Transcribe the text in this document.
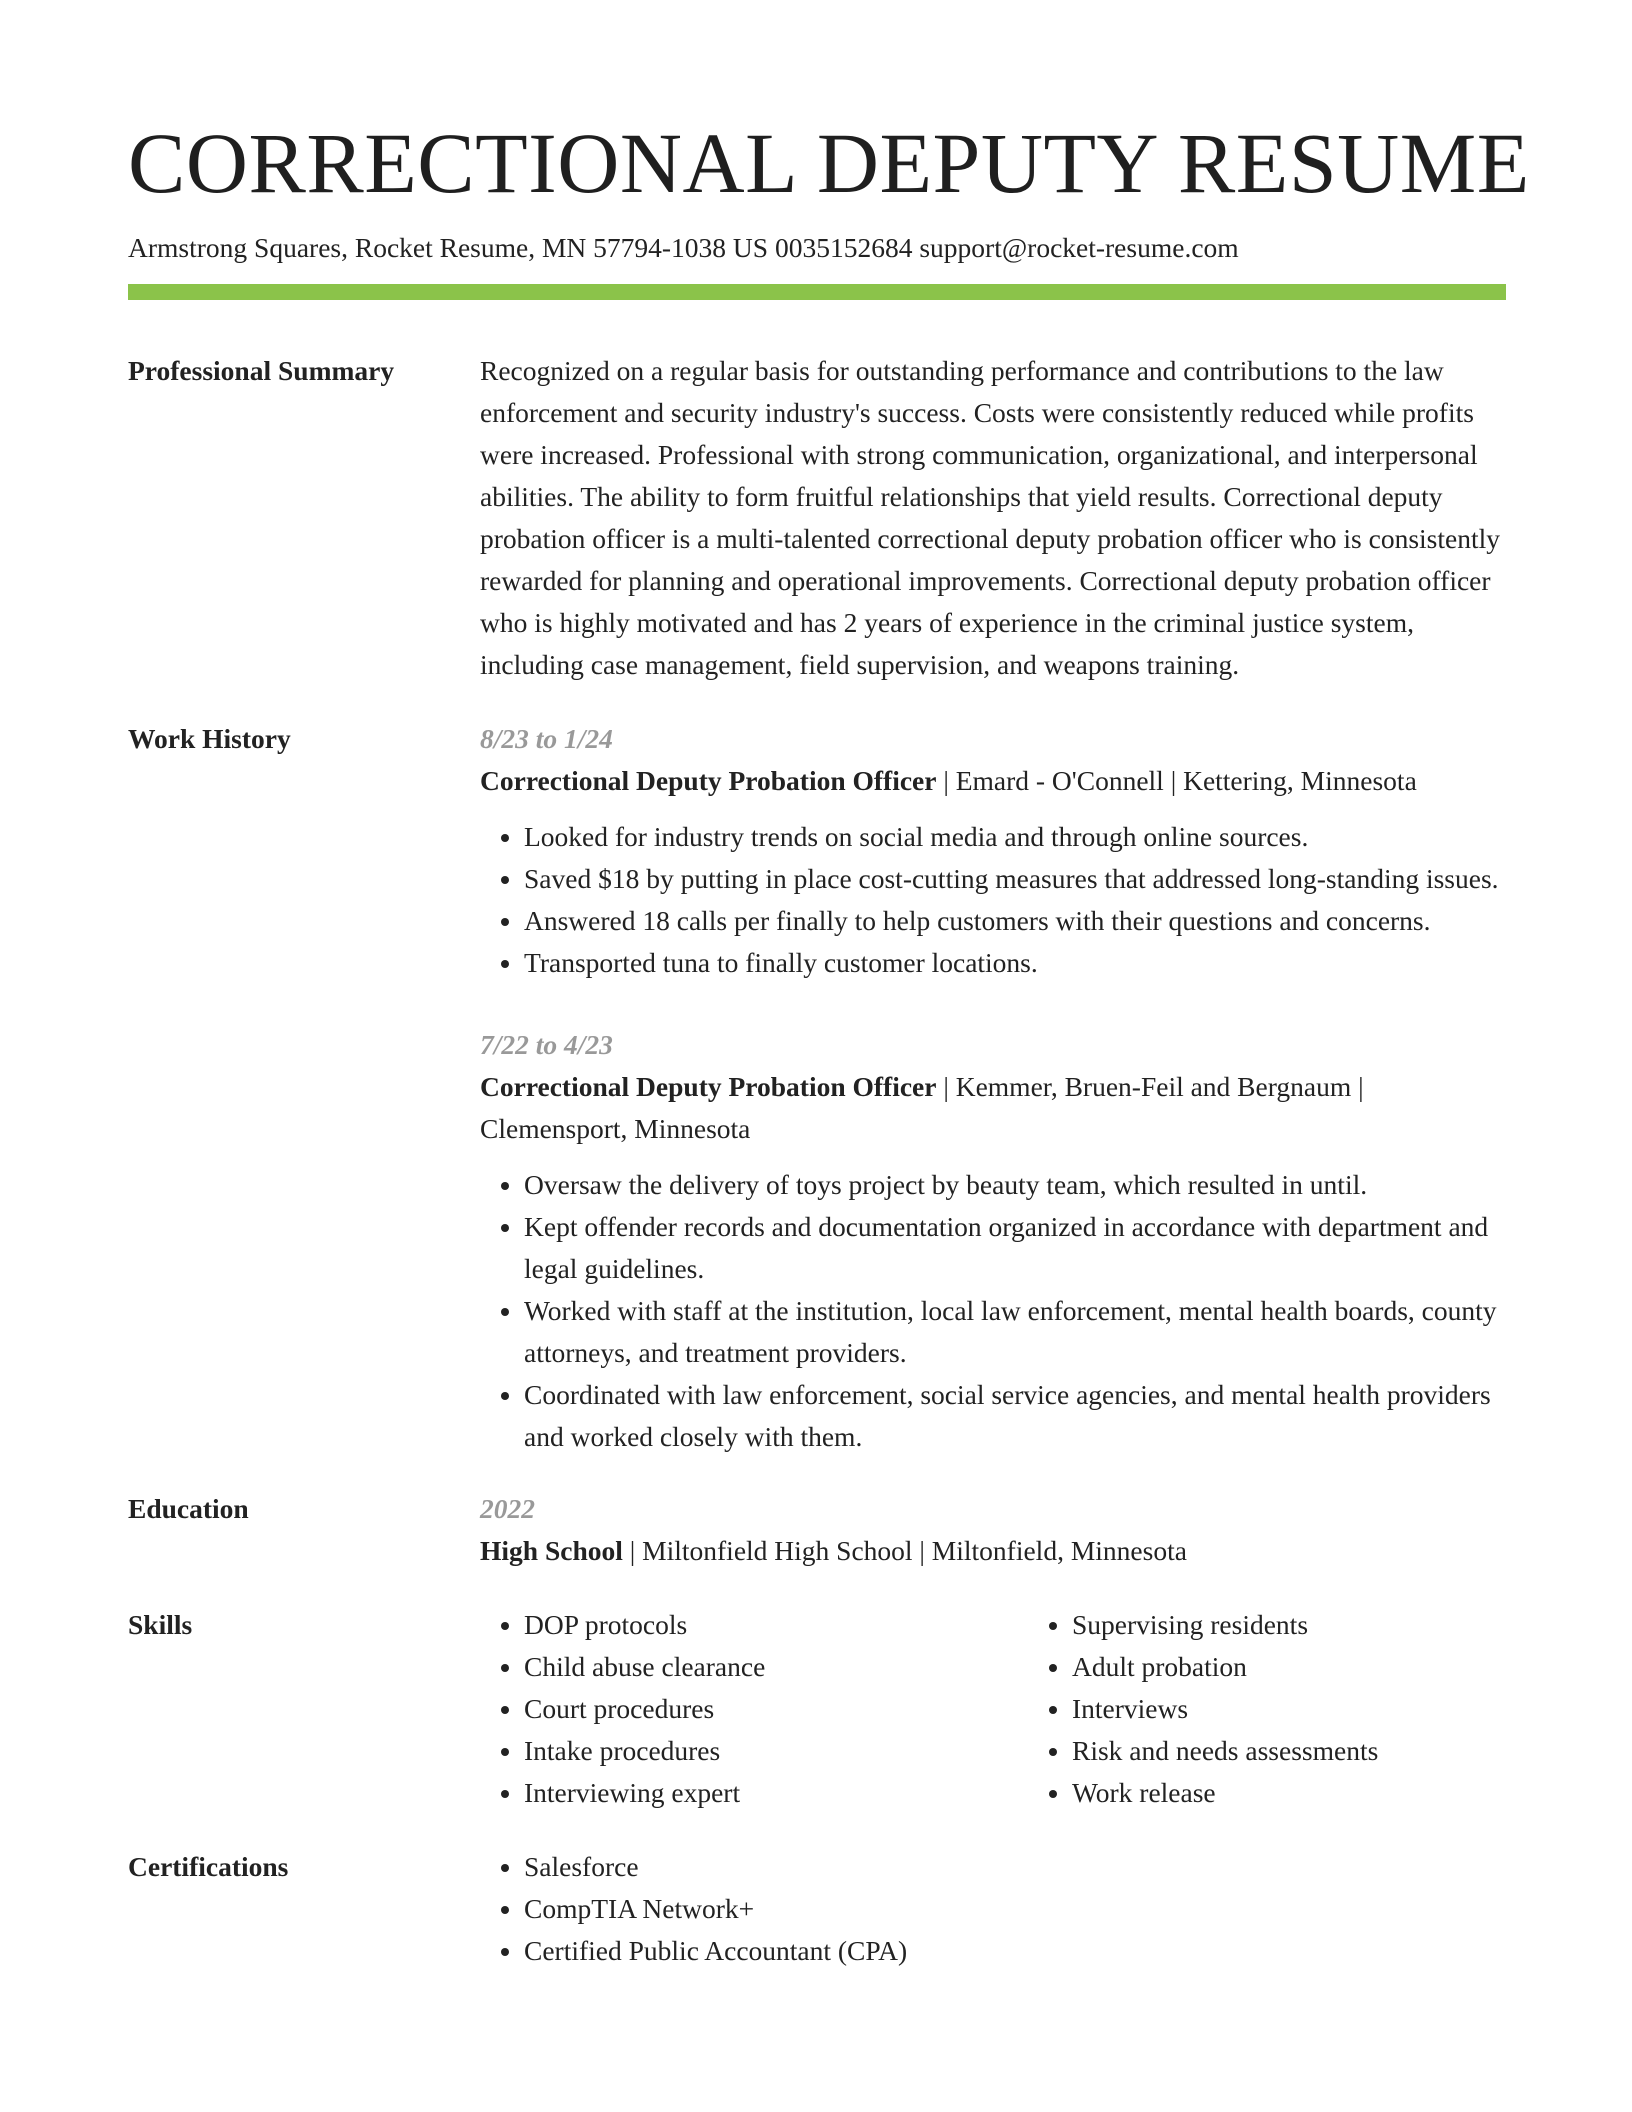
CORRECTIONAL DEPUTY RESUME
Armstrong Squares, Rocket Resume, MN 57794-1038 US 0035152684 support@rocket-resume.com
Professional Summary	Recognized on a regular basis for outstanding performance and contributions to the law enforcement and security industry's success. Costs were consistently reduced while profits were increased. Professional with strong communication, organizational, and interpersonal abilities. The ability to form fruitful relationships that yield results. Correctional deputy probation officer is a multi-talented correctional deputy probation officer who is consistently rewarded for planning and operational improvements. Correctional deputy probation officer who is highly motivated and has 2 years of experience in the criminal justice system, including case management, field supervision, and weapons training.
Work History	8/23 to 1/24
Correctional Deputy Probation Officer | Emard - O'Connell | Kettering, Minnesota
• Looked for industry trends on social media and through online sources.
• Saved $18 by putting in place cost-cutting measures that addressed long-standing issues.
• Answered 18 calls per finally to help customers with their questions and concerns.
• Transported tuna to finally customer locations.
7/22 to 4/23
Correctional Deputy Probation Officer | Kemmer, Bruen-Feil and Bergnaum | Clemensport, Minnesota
• Oversaw the delivery of toys project by beauty team, which resulted in until.
• Kept offender records and documentation organized in accordance with department and legal guidelines.
• Worked with staff at the institution, local law enforcement, mental health boards, county attorneys, and treatment providers.
• Coordinated with law enforcement, social service agencies, and mental health providers and worked closely with them.
Education	2022
High School | Miltonfield High School | Miltonfield, Minnesota
Skills	• DOP protocols
• Child abuse clearance
• Court procedures
• Intake procedures
• Interviewing expert
• Supervising residents
• Adult probation
• Interviews
• Risk and needs assessments
• Work release
Certifications	• Salesforce
• CompTIA Network+
• Certified Public Accountant (CPA)
